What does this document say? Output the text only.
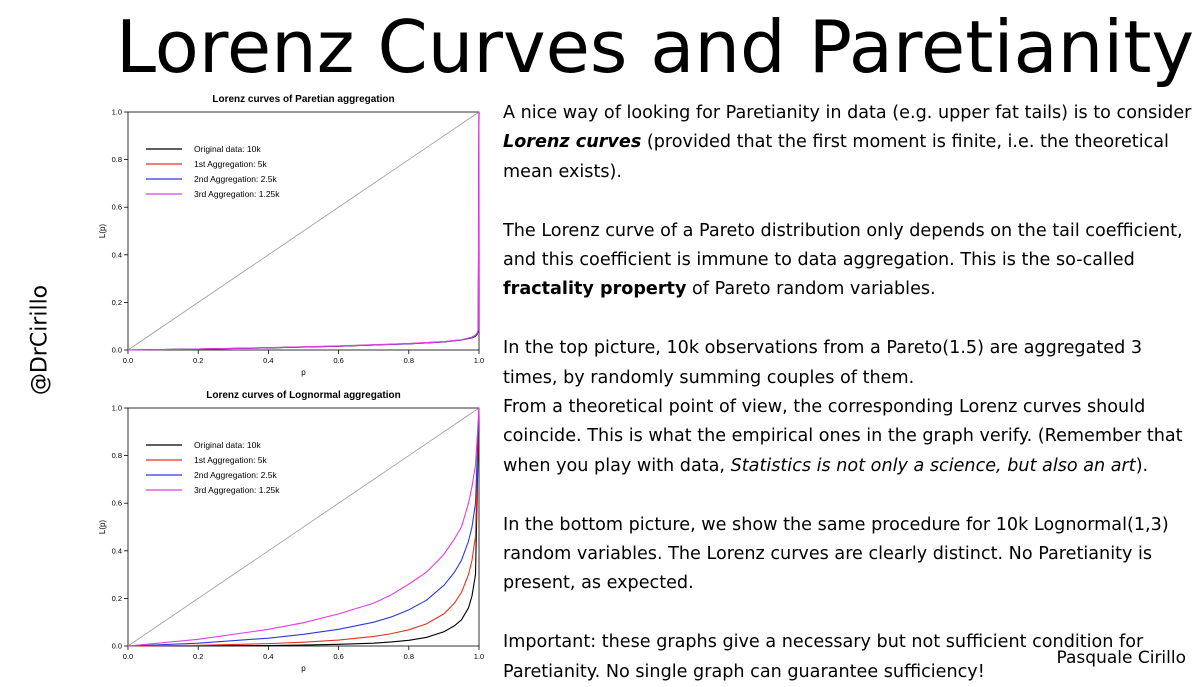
Lorenz Curves and Paretianity
@DrCirillo
Lorenz curves of Paretian aggregation
0.0	0.2	0.4	0.6	0.8	1.0
0.0
0.2
0.4
0.6
0.8
1.0
p
L(p)
Original data: 10k
1st Aggregation: 5k
2nd Aggregation: 2.5k
3rd Aggregation: 1.25k
Lorenz curves of Lognormal aggregation
0.0	0.2	0.4	0.6	0.8	1.0
0.0
0.2
0.4
0.6
0.8
1.0
p
L(p)
Original data: 10k
1st Aggregation: 5k
2nd Aggregation: 2.5k
3rd Aggregation: 1.25k

A nice way of looking for Paretianity in data (e.g. upper fat tails) is to consider Lorenz curves (provided that the first moment is finite, i.e. the theoretical mean exists).

The Lorenz curve of a Pareto distribution only depends on the tail coefficient, and this coefficient is immune to data aggregation. This is the so-called fractality property of Pareto random variables.

In the top picture, 10k observations from a Pareto(1.5) are aggregated 3 times, by randomly summing couples of them.
From a theoretical point of view, the corresponding Lorenz curves should coincide. This is what the empirical ones in the graph verify. (Remember that when you play with data, Statistics is not only a science, but also an art).

In the bottom picture, we show the same procedure for 10k Lognormal(1,3) random variables. The Lorenz curves are clearly distinct. No Paretianity is present, as expected.

Important: these graphs give a necessary but not sufficient condition for Paretianity. No single graph can guarantee sufficiency!

Pasquale Cirillo
